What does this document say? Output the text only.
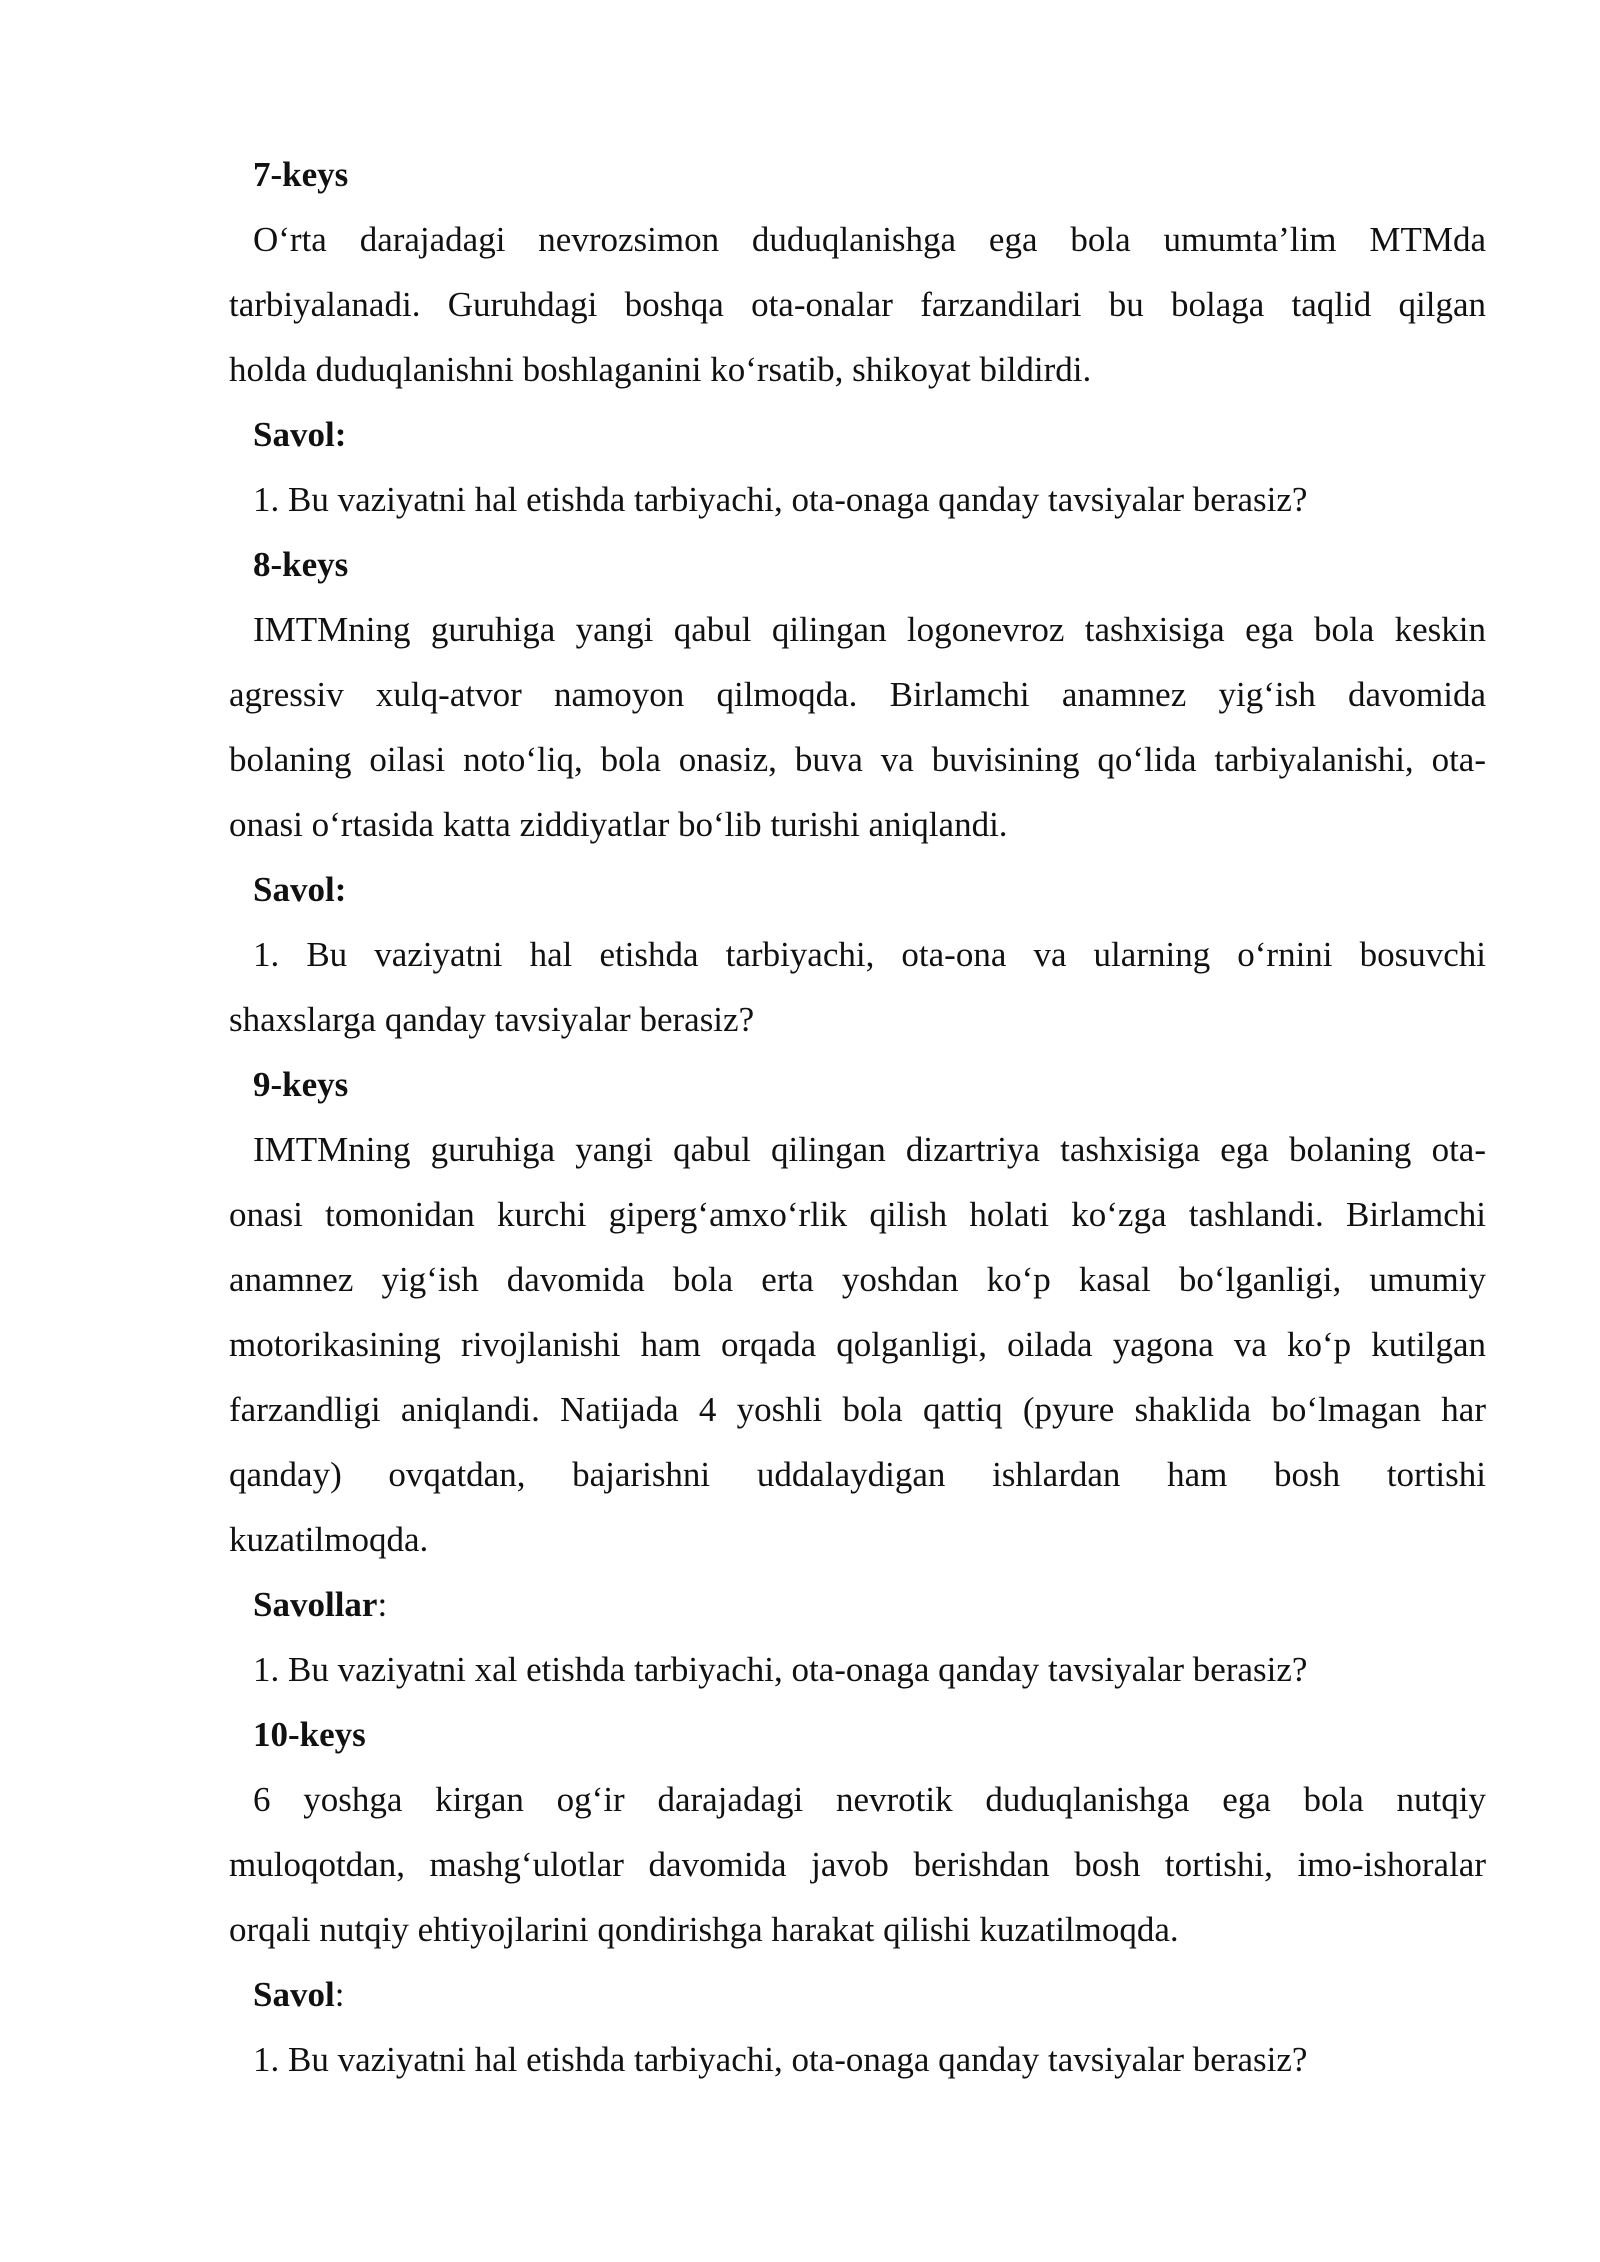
7-keys
O‘rta darajadagi nevrozsimon duduqlanishga ega bola umumta’lim MTMda
tarbiyalanadi. Guruhdagi boshqa ota-onalar farzandilari bu bolaga taqlid qilgan
holda duduqlanishni boshlaganini ko‘rsatib, shikoyat bildirdi.
Savol:
1. Bu vaziyatni hal etishda tarbiyachi, ota-onaga qanday tavsiyalar berasiz?
8-keys
IMTMning guruhiga yangi qabul qilingan logonevroz tashxisiga ega bola keskin
agressiv xulq-atvor namoyon qilmoqda. Birlamchi anamnez yig‘ish davomida
bolaning oilasi noto‘liq, bola onasiz, buva va buvisining qo‘lida tarbiyalanishi, ota-
onasi o‘rtasida katta ziddiyatlar bo‘lib turishi aniqlandi.
Savol:
1. Bu vaziyatni hal etishda tarbiyachi, ota-ona va ularning o‘rnini bosuvchi
shaxslarga qanday tavsiyalar berasiz?
9-keys
IMTMning guruhiga yangi qabul qilingan dizartriya tashxisiga ega bolaning ota-
onasi tomonidan kurchi giperg‘amxo‘rlik qilish holati ko‘zga tashlandi. Birlamchi
anamnez yig‘ish davomida bola erta yoshdan ko‘p kasal bo‘lganligi, umumiy
motorikasining rivojlanishi ham orqada qolganligi, oilada yagona va ko‘p kutilgan
farzandligi aniqlandi. Natijada 4 yoshli bola qattiq (pyure shaklida bo‘lmagan har
qanday) ovqatdan, bajarishni uddalaydigan ishlardan ham bosh tortishi
kuzatilmoqda.
Savollar:
1. Bu vaziyatni xal etishda tarbiyachi, ota-onaga qanday tavsiyalar berasiz?
10-keys
6 yoshga kirgan og‘ir darajadagi nevrotik duduqlanishga ega bola nutqiy
muloqotdan, mashg‘ulotlar davomida javob berishdan bosh tortishi, imo-ishoralar
orqali nutqiy ehtiyojlarini qondirishga harakat qilishi kuzatilmoqda.
Savol:
1. Bu vaziyatni hal etishda tarbiyachi, ota-onaga qanday tavsiyalar berasiz?
